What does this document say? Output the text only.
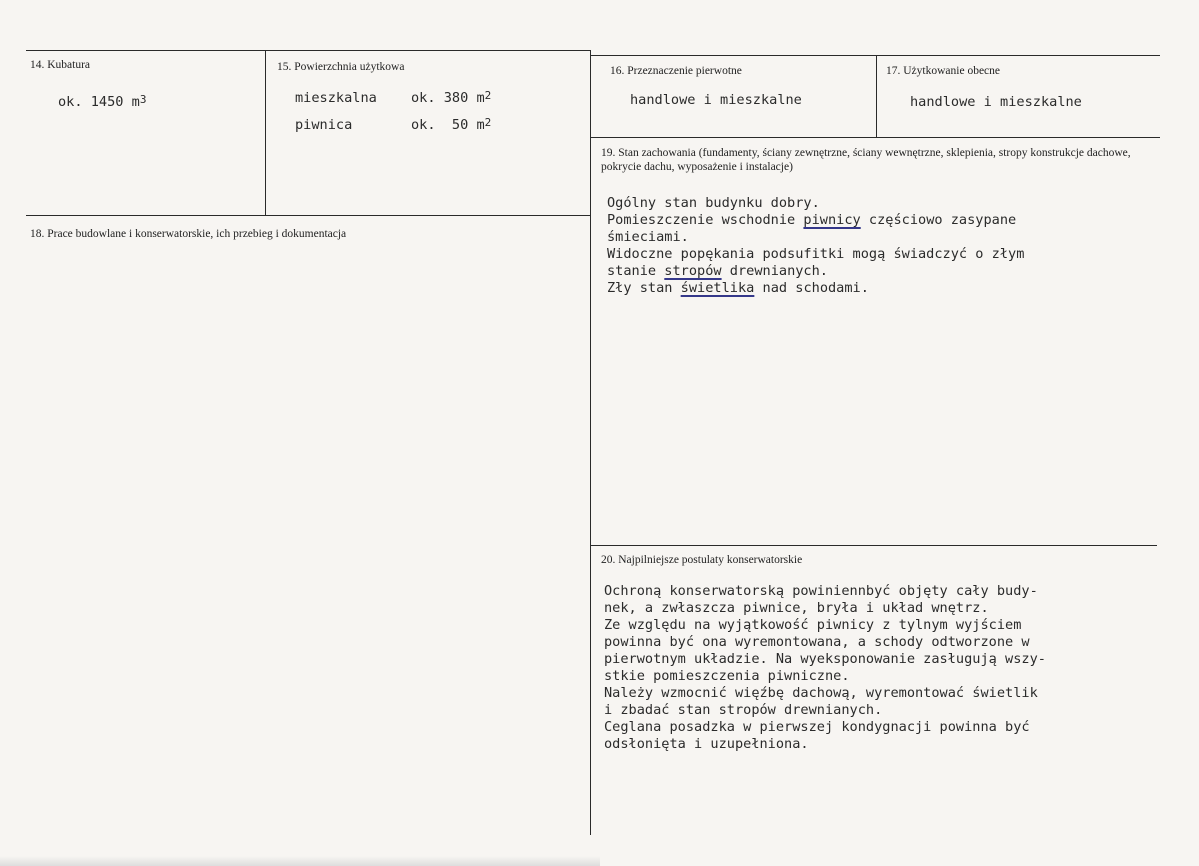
14. Kubatura
ok. 1450 $m^3$
15. Powierzchnia użytkowa
mieszkalna	ok. 380 $m^2$
piwnica	ok.  50 $m^2$
18. Prace budowlane i konserwatorskie, ich przebieg i dokumentacja
16. Przeznaczenie pierwotne
handlowe i mieszkalne
17. Użytkowanie obecne
handlowe i mieszkalne
19. Stan zachowania (fundamenty, ściany zewnętrzne, ściany wewnętrzne, sklepienia, stropy konstrukcje dachowe, pokrycie dachu, wyposażenie i instalacje)
Ogólny stan budynku dobry.
Pomieszczenie wschodnie piwnicy częściowo zasypane
śmieciami.
Widoczne popękania podsufitki mogą świadczyć o złym
stanie stropów drewnianych.
Zły stan świetlika nad schodami.
20. Najpilniejsze postulaty konserwatorskie
Ochroną konserwatorską powiniennbyć objęty cały budy-
nek, a zwłaszcza piwnice, bryła i układ wnętrz.
Ze względu na wyjątkowość piwnicy z tylnym wyjściem
powinna być ona wyremontowana, a schody odtworzone w
pierwotnym układzie. Na wyeksponowanie zasługują wszy-
stkie pomieszczenia piwniczne.
Należy wzmocnić więźbę dachową, wyremontować świetlik
i zbadać stan stropów drewnianych.
Ceglana posadzka w pierwszej kondygnacji powinna być
odsłonięta i uzupełniona.
